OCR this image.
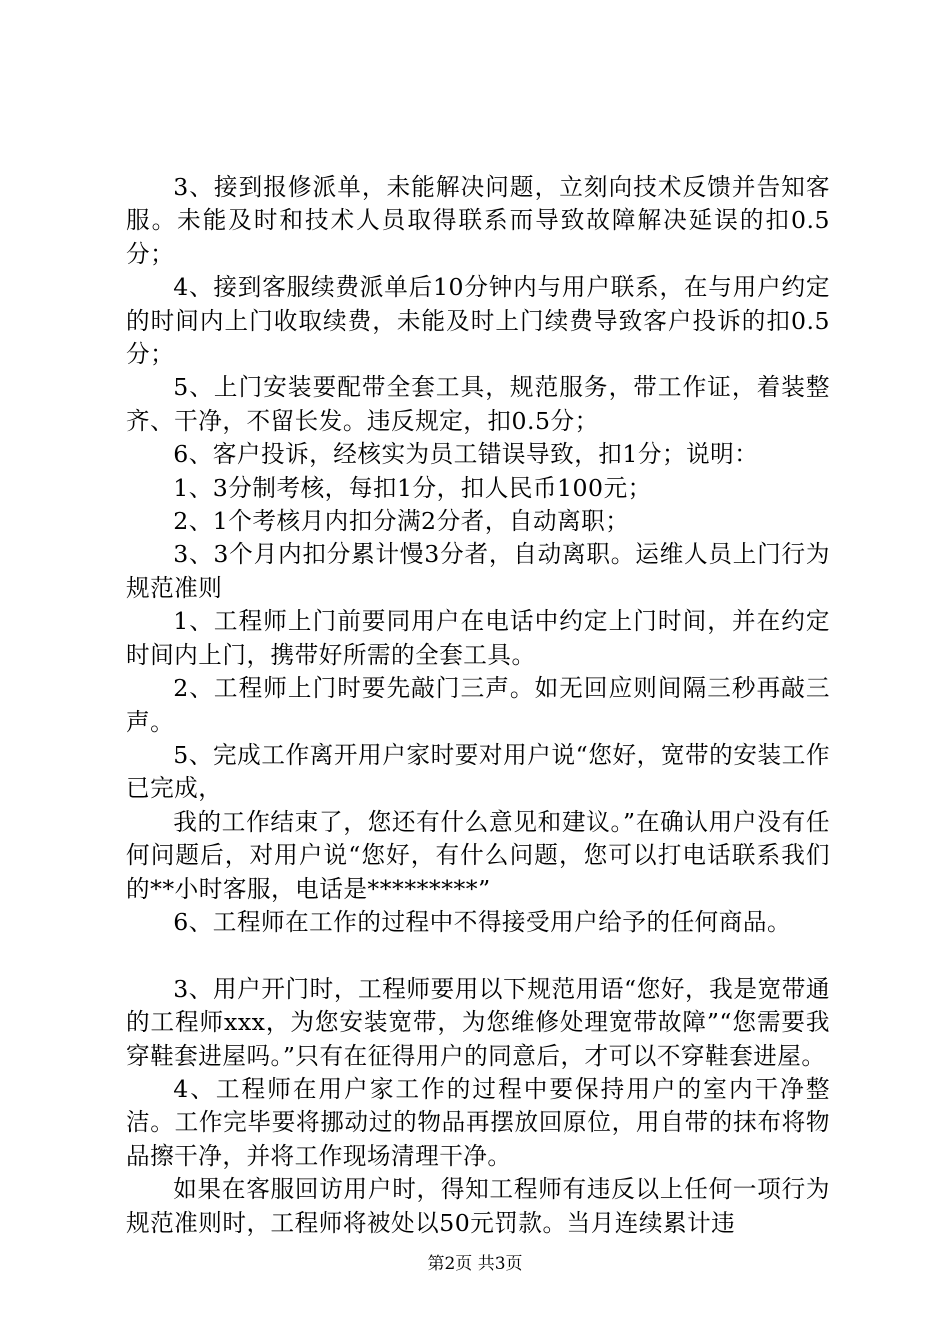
3、接到报修派单，未能解决问题，立刻向技术反馈并告知客服。未能及时和技术人员取得联系而导致故障解决延误的扣0.5分；

4、接到客服续费派单后10分钟内与用户联系，在与用户约定的时间内上门收取续费，未能及时上门续费导致客户投诉的扣0.5分；

5、上门安装要配带全套工具，规范服务，带工作证，着装整齐、干净，不留长发。违反规定，扣0.5分；

6、客户投诉，经核实为员工错误导致，扣1分；说明：

1、3分制考核，每扣1分，扣人民币100元；

2、1个考核月内扣分满2分者，自动离职；

3、3个月内扣分累计慢3分者，自动离职。运维人员上门行为规范准则

1、工程师上门前要同用户在电话中约定上门时间，并在约定时间内上门，携带好所需的全套工具。

2、工程师上门时要先敲门三声。如无回应则间隔三秒再敲三声。

5、完成工作离开用户家时要对用户说“您好，宽带的安装工作已完成，

我的工作结束了，您还有什么意见和建议。”在确认用户没有任何问题后，对用户说“您好，有什么问题，您可以打电话联系我们的**小时客服，电话是*********”

6、工程师在工作的过程中不得接受用户给予的任何商品。

3、用户开门时，工程师要用以下规范用语“您好，我是宽带通的工程师xxx，为您安装宽带，为您维修处理宽带故障”“您需要我穿鞋套进屋吗。”只有在征得用户的同意后，才可以不穿鞋套进屋。

4、工程师在用户家工作的过程中要保持用户的室内干净整洁。工作完毕要将挪动过的物品再摆放回原位，用自带的抹布将物品擦干净，并将工作现场清理干净。

如果在客服回访用户时，得知工程师有违反以上任何一项行为规范准则时，工程师将被处以50元罚款。当月连续累计违

第2页 共3页
